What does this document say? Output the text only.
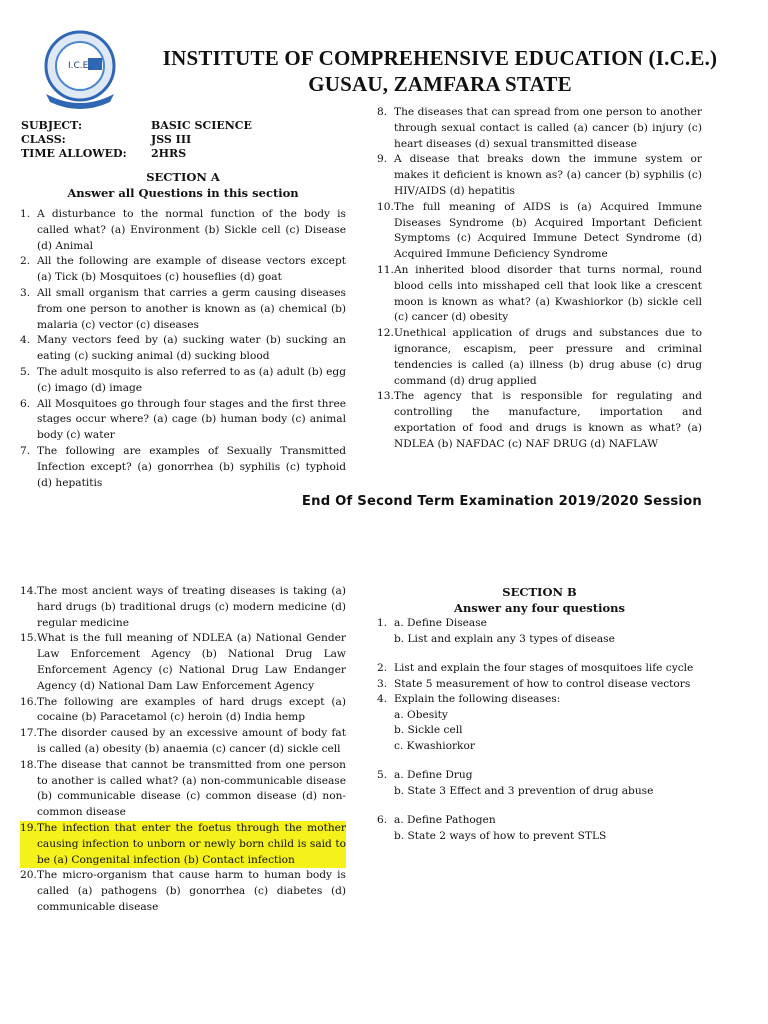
I.C.E.	INSTITUTE OF COMPREHENSIVE EDUCATION (I.C.E.)
GUSAU, ZAMFARA STATE
SUBJECT:	BASIC SCIENCE
CLASS:	JSS III
TIME ALLOWED:	2HRS
SECTION A
Answer all Questions in this section
1. A disturbance to the normal function of the body is called what? (a) Environment (b) Sickle cell (c) Disease (d) Animal
2. All the following are example of disease vectors except (a) Tick (b) Mosquitoes (c) houseflies (d) goat
3. All small organism that carries a germ causing diseases from one person to another is known as (a) chemical (b) malaria (c) vector (c) diseases
4. Many vectors feed by (a) sucking water (b) sucking an eating (c) sucking animal (d) sucking blood
5. The adult mosquito is also referred to as (a) adult (b) egg (c) imago (d) image
6. All Mosquitoes go through four stages and the first three stages occur where? (a) cage (b) human body (c) animal body (c) water
7. The following are examples of Sexually Transmitted Infection except? (a) gonorrhea (b) syphilis (c) typhoid (d) hepatitis
8. The diseases that can spread from one person to another through sexual contact is called (a) cancer (b) injury (c) heart diseases (d) sexual transmitted disease
9. A disease that breaks down the immune system or makes it deficient is known as? (a) cancer (b) syphilis (c) HIV/AIDS (d) hepatitis
10. The full meaning of AIDS is (a) Acquired Immune Diseases Syndrome (b) Acquired Important Deficient Symptoms (c) Acquired Immune Detect Syndrome (d) Acquired Immune Deficiency Syndrome
11. An inherited blood disorder that turns normal, round blood cells into misshaped cell that look like a crescent moon is known as what? (a) Kwashiorkor (b) sickle cell (c) cancer (d) obesity
12. Unethical application of drugs and substances due to ignorance, escapism, peer pressure and criminal tendencies is called (a) illness (b) drug abuse (c) drug command (d) drug applied
13. The agency that is responsible for regulating and controlling the manufacture, importation and exportation of food and drugs is known as what? (a) NDLEA (b) NAFDAC (c) NAF DRUG (d) NAFLAW
End Of Second Term Examination 2019/2020 Session
14. The most ancient ways of treating diseases is taking (a) hard drugs (b) traditional drugs (c) modern medicine (d) regular medicine
15. What is the full meaning of NDLEA (a) National Gender Law Enforcement Agency (b) National Drug Law Enforcement Agency (c) National Drug Law Endanger Agency (d) National Dam Law Enforcement Agency
16. The following are examples of hard drugs except (a) cocaine (b) Paracetamol (c) heroin (d) India hemp
17. The disorder caused by an excessive amount of body fat is called (a) obesity (b) anaemia (c) cancer (d) sickle cell
18. The disease that cannot be transmitted from one person to another is called what? (a) non-communicable disease (b) communicable disease (c) common disease (d) non-common disease
19. The infection that enter the foetus through the mother causing infection to unborn or newly born child is said to be (a) Congenital infection (b) Contact infection
20. The micro-organism that cause harm to human body is called (a) pathogens (b) gonorrhea (c) diabetes (d) communicable disease
SECTION B
Answer any four questions
1. a. Define Disease
b. List and explain any 3 types of disease
2. List and explain the four stages of mosquitoes life cycle
3. State 5 measurement of how to control disease vectors
4. Explain the following diseases:
a. Obesity
b. Sickle cell
c. Kwashiorkor
5. a. Define Drug
b. State 3 Effect and 3 prevention of drug abuse
6. a. Define Pathogen
b. State 2 ways of how to prevent STLS
